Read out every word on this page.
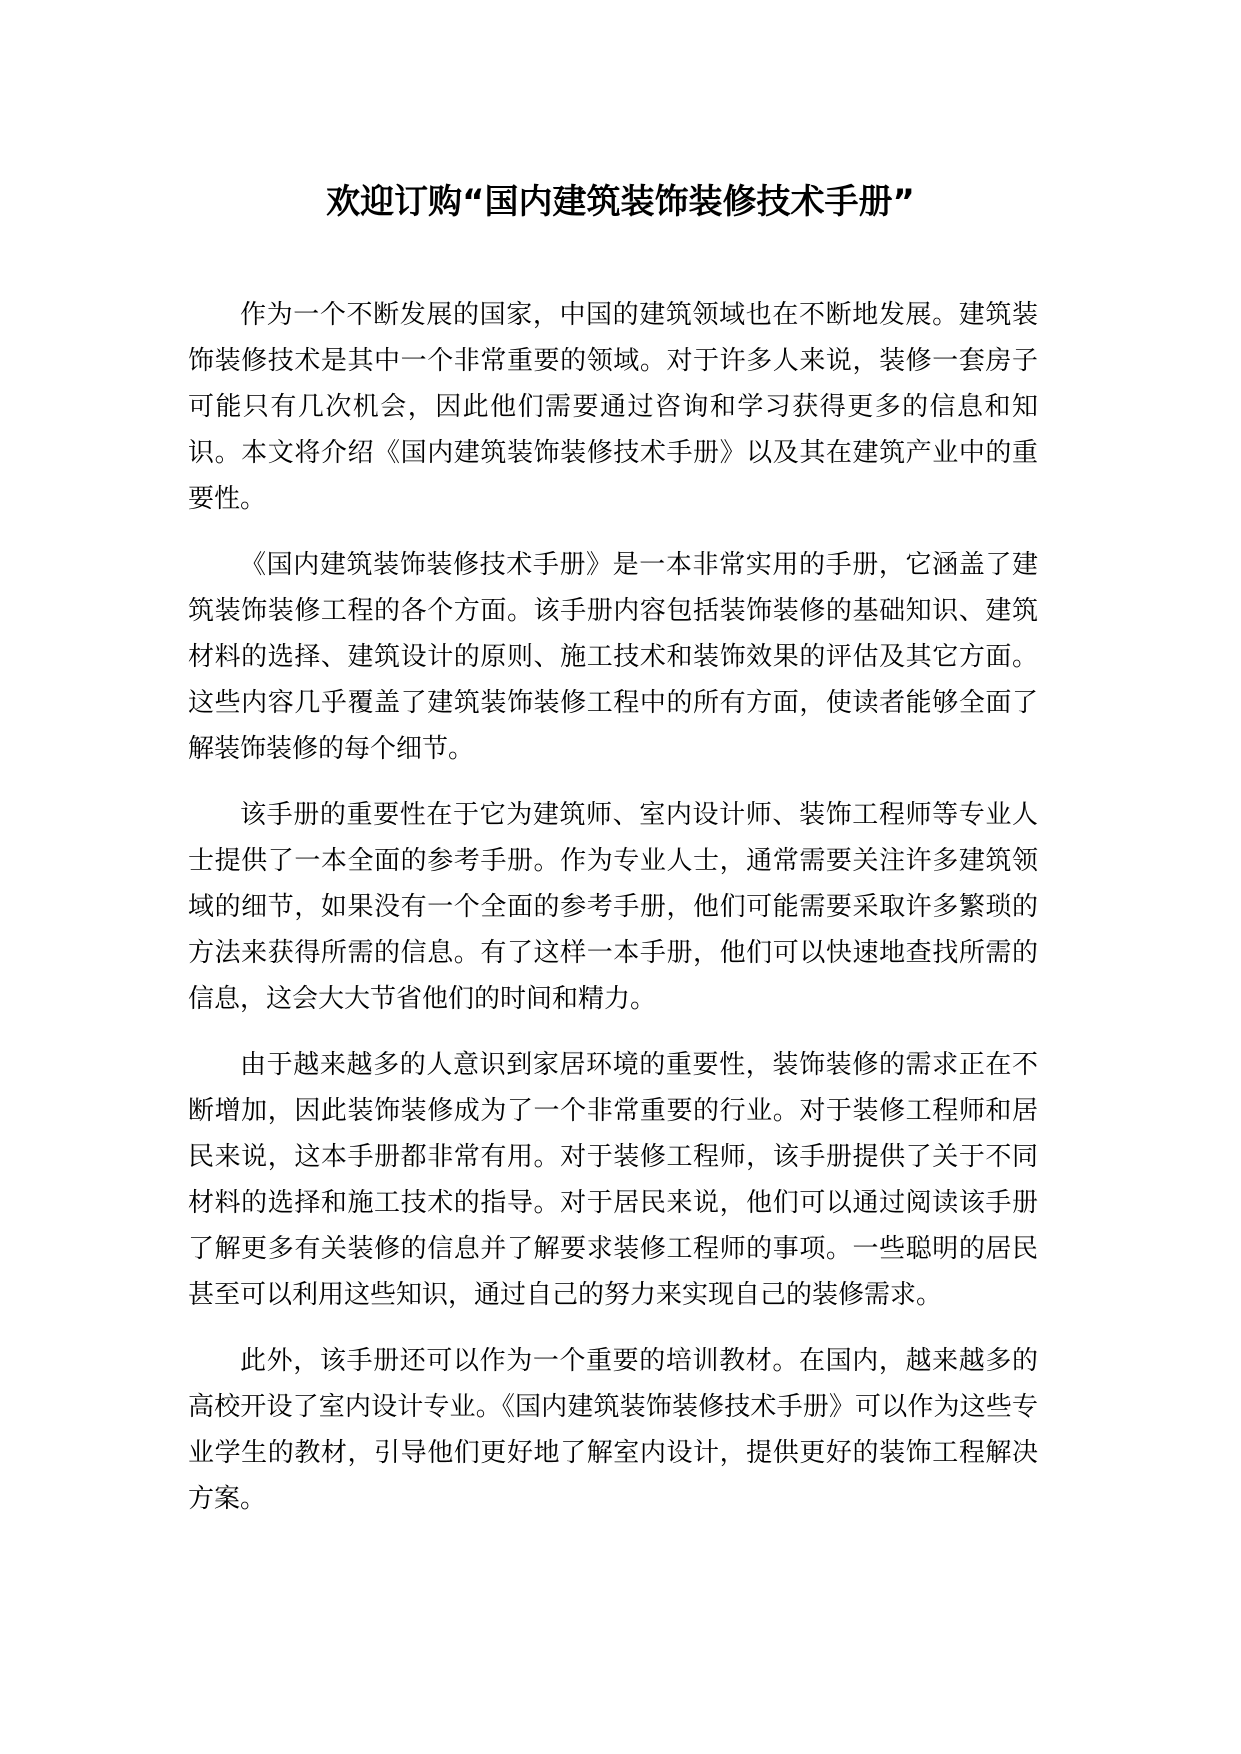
欢迎订购“国内建筑装饰装修技术手册”

作为一个不断发展的国家，中国的建筑领域也在不断地发展。建筑装饰装修技术是其中一个非常重要的领域。对于许多人来说，装修一套房子可能只有几次机会，因此他们需要通过咨询和学习获得更多的信息和知识。本文将介绍《国内建筑装饰装修技术手册》以及其在建筑产业中的重要性。

《国内建筑装饰装修技术手册》是一本非常实用的手册，它涵盖了建筑装饰装修工程的各个方面。该手册内容包括装饰装修的基础知识、建筑材料的选择、建筑设计的原则、施工技术和装饰效果的评估及其它方面。这些内容几乎覆盖了建筑装饰装修工程中的所有方面，使读者能够全面了解装饰装修的每个细节。

该手册的重要性在于它为建筑师、室内设计师、装饰工程师等专业人士提供了一本全面的参考手册。作为专业人士，通常需要关注许多建筑领域的细节，如果没有一个全面的参考手册，他们可能需要采取许多繁琐的方法来获得所需的信息。有了这样一本手册，他们可以快速地查找所需的信息，这会大大节省他们的时间和精力。

由于越来越多的人意识到家居环境的重要性，装饰装修的需求正在不断增加，因此装饰装修成为了一个非常重要的行业。对于装修工程师和居民来说，这本手册都非常有用。对于装修工程师，该手册提供了关于不同材料的选择和施工技术的指导。对于居民来说，他们可以通过阅读该手册了解更多有关装修的信息并了解要求装修工程师的事项。一些聪明的居民甚至可以利用这些知识，通过自己的努力来实现自己的装修需求。

此外，该手册还可以作为一个重要的培训教材。在国内，越来越多的高校开设了室内设计专业。《国内建筑装饰装修技术手册》可以作为这些专业学生的教材，引导他们更好地了解室内设计，提供更好的装饰工程解决方案。
